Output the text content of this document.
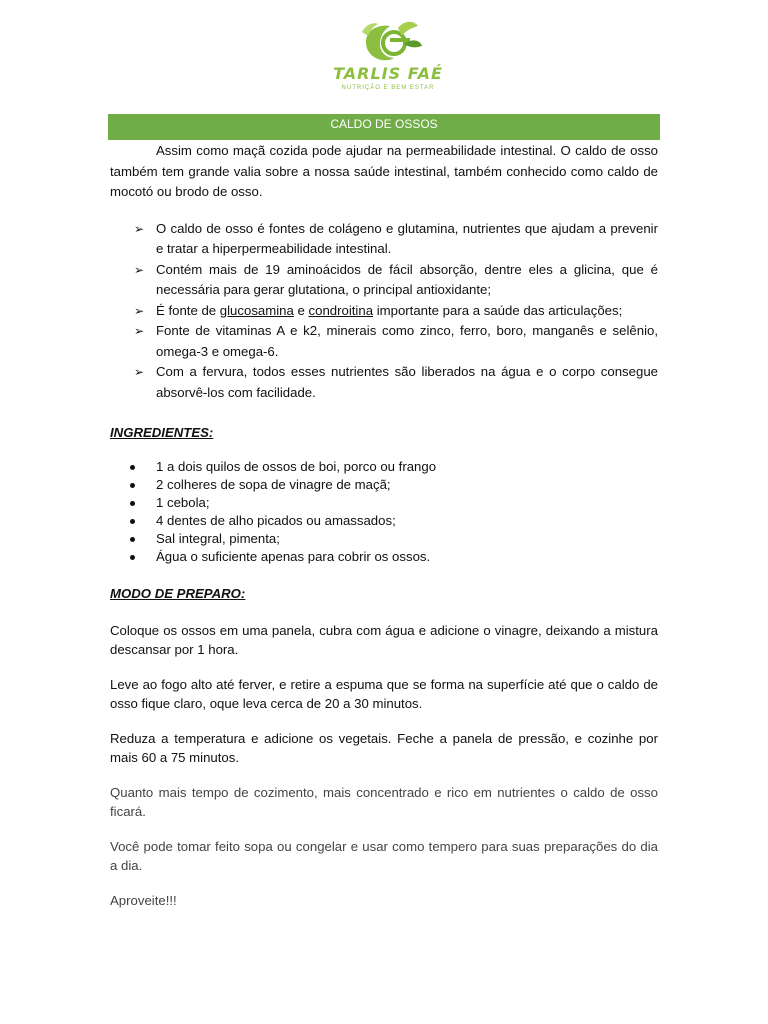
TARLIS FAÉ
NUTRIÇÃO E BEM ESTAR
CALDO DE OSSOS

Assim como maçã cozida pode ajudar na permeabilidade intestinal. O caldo de osso também tem grande valia sobre a nossa saúde intestinal, também conhecido como caldo de mocotó ou brodo de osso.

➢ O caldo de osso é fontes de colágeno e glutamina, nutrientes que ajudam a prevenir e tratar a hiperpermeabilidade intestinal.
➢ Contém mais de 19 aminoácidos de fácil absorção, dentre eles a glicina, que é necessária para gerar glutationa, o principal antioxidante;
➢ É fonte de glucosamina e condroitina importante para a saúde das articulações;
➢ Fonte de vitaminas A e k2, minerais como zinco, ferro, boro, manganês e selênio, omega-3 e omega-6.
➢ Com a fervura, todos esses nutrientes são liberados na água e o corpo consegue absorvê-los com facilidade.

INGREDIENTES:

1 a dois quilos de ossos de boi, porco ou frango
2 colheres de sopa de vinagre de maçã;
1 cebola;
4 dentes de alho picados ou amassados;
Sal integral, pimenta;
Água o suficiente apenas para cobrir os ossos.

MODO DE PREPARO:

Coloque os ossos em uma panela, cubra com água e adicione o vinagre, deixando a mistura descansar por 1 hora.

Leve ao fogo alto até ferver, e retire a espuma que se forma na superfície até que o caldo de osso fique claro, oque leva cerca de 20 a 30 minutos.

Reduza a temperatura e adicione os vegetais. Feche a panela de pressão, e cozinhe por mais 60 a 75 minutos.

Quanto mais tempo de cozimento, mais concentrado e rico em nutrientes o caldo de osso ficará.

Você pode tomar feito sopa ou congelar e usar como tempero para suas preparações do dia a dia.

Aproveite!!!
